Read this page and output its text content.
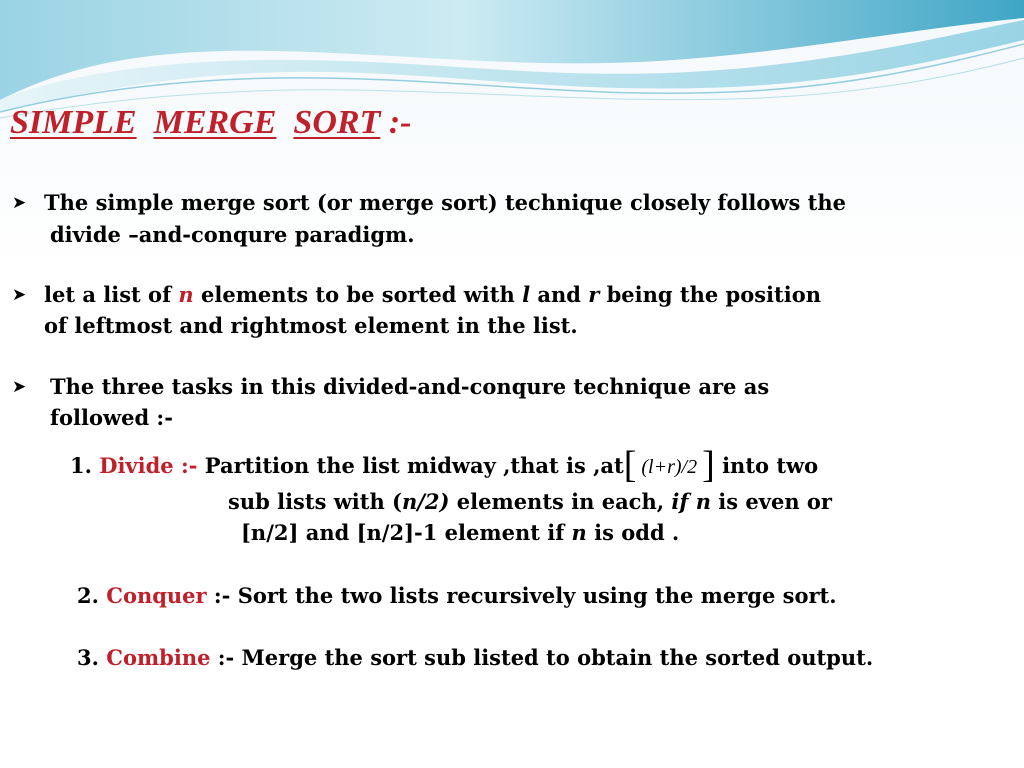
SIMPLE MERGE SORT :-
➤ The simple merge sort (or merge sort) technique closely follows the
divide –and-conqure paradigm.
➤ let a list of n elements to be sorted with l and r being the position
of leftmost and rightmost element in the list.
➤ The three tasks in this divided-and-conqure technique are as
followed :-
1. Divide :- Partition the list midway ,that is ,at[ (l+r)/2 ] into two
sub lists with (n/2) elements in each, if n is even or
[n/2] and [n/2]-1 element if n is odd .
2. Conquer :- Sort the two lists recursively using the merge sort.
3. Combine :- Merge the sort sub listed to obtain the sorted output.
